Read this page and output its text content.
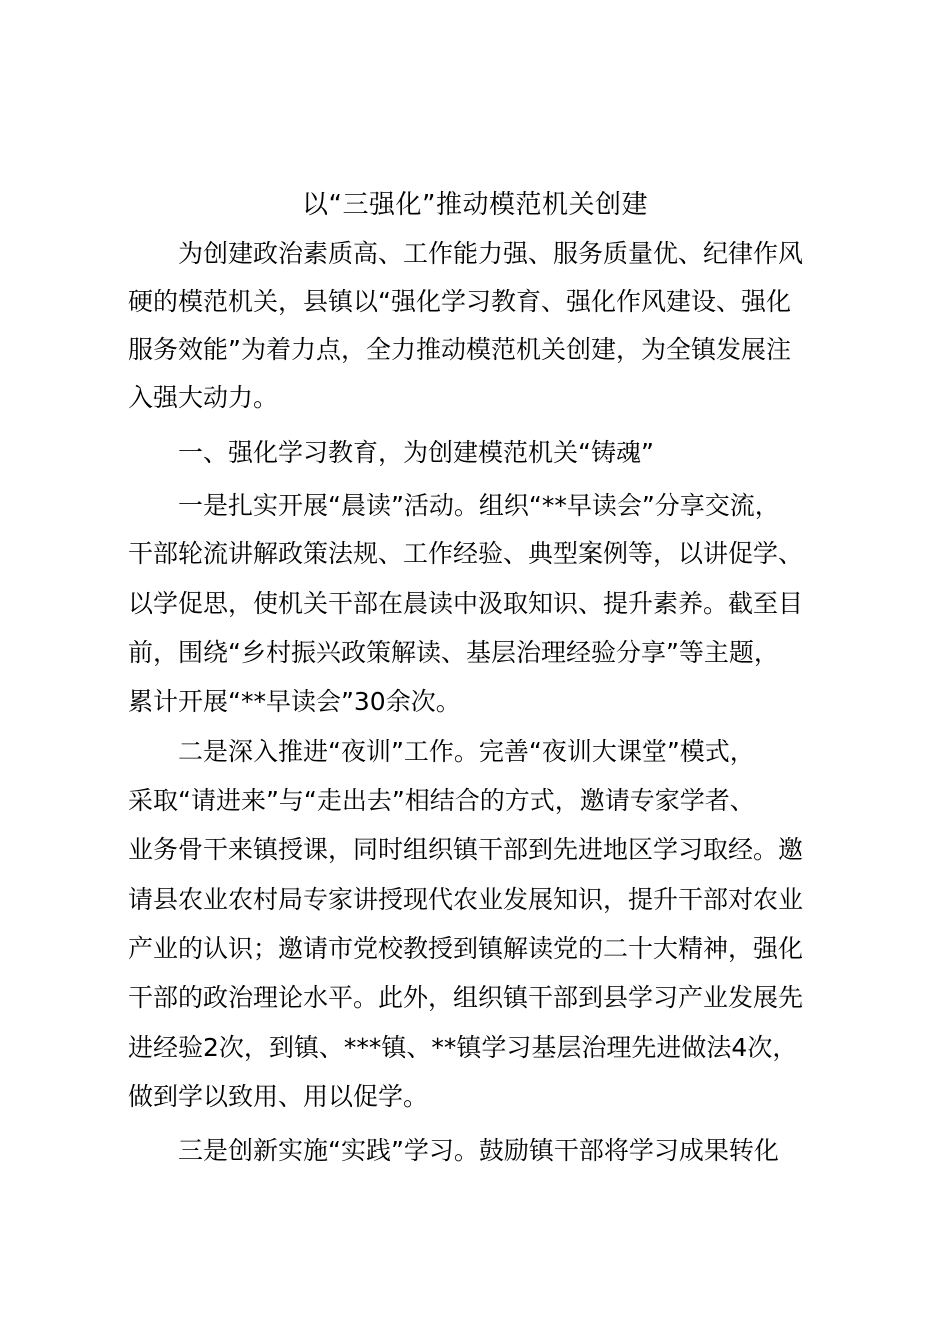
以“三强化”推动模范机关创建
为创建政治素质高、工作能力强、服务质量优、纪律作风
硬的模范机关，县镇以“强化学习教育、强化作风建设、强化
服务效能”为着力点，全力推动模范机关创建，为全镇发展注
入强大动力。
一、强化学习教育，为创建模范机关“铸魂”
一是扎实开展“晨读”活动。组织“**早读会”分享交流，
干部轮流讲解政策法规、工作经验、典型案例等，以讲促学、
以学促思，使机关干部在晨读中汲取知识、提升素养。截至目
前，围绕“乡村振兴政策解读、基层治理经验分享”等主题，
累计开展“**早读会”30余次。
二是深入推进“夜训”工作。完善“夜训大课堂”模式，
采取“请进来”与“走出去”相结合的方式，邀请专家学者、
业务骨干来镇授课，同时组织镇干部到先进地区学习取经。邀
请县农业农村局专家讲授现代农业发展知识，提升干部对农业
产业的认识；邀请市党校教授到镇解读党的二十大精神，强化
干部的政治理论水平。此外，组织镇干部到县学习产业发展先
进经验2次，到镇、***镇、**镇学习基层治理先进做法4次，
做到学以致用、用以促学。
三是创新实施“实践”学习。鼓励镇干部将学习成果转化
